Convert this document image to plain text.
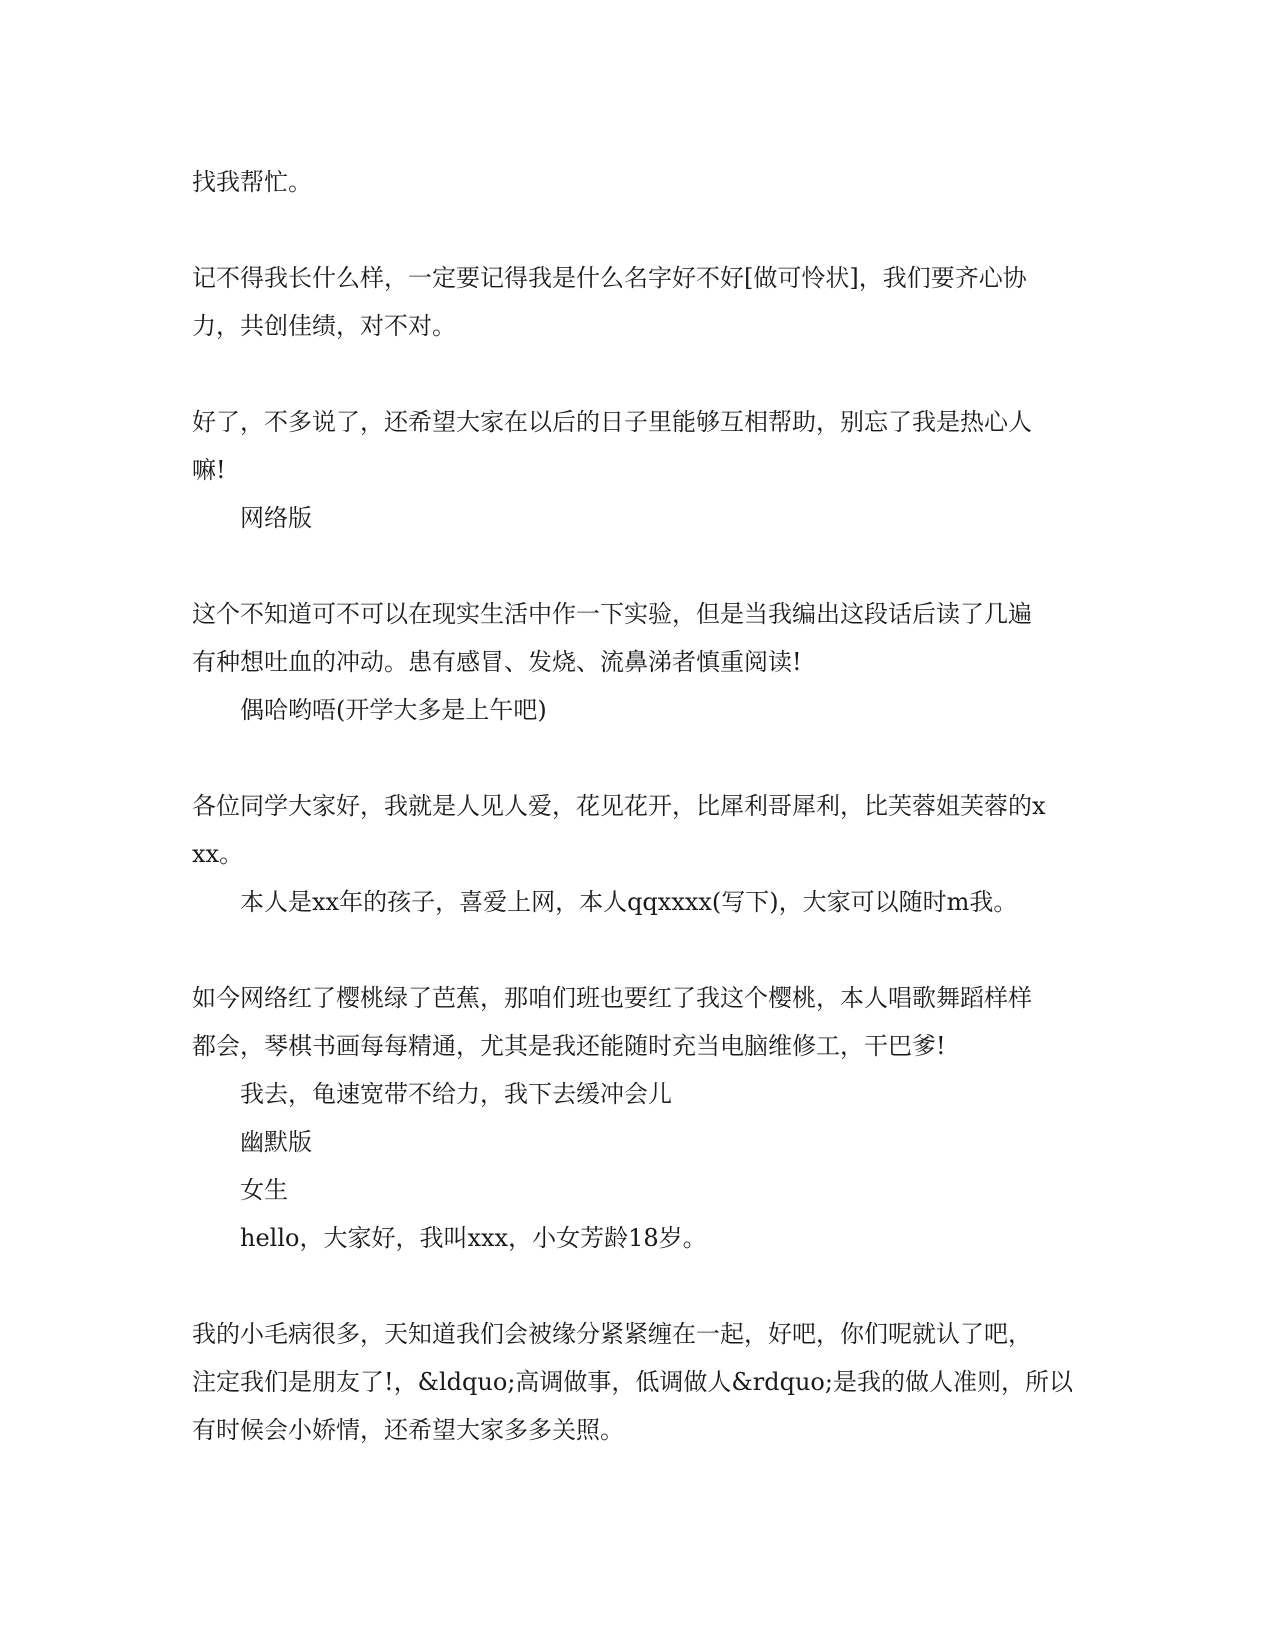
找我帮忙。
记不得我长什么样，一定要记得我是什么名字好不好[做可怜状]，我们要齐心协
力，共创佳绩，对不对。
好了，不多说了，还希望大家在以后的日子里能够互相帮助，别忘了我是热心人
嘛!
网络版
这个不知道可不可以在现实生活中作一下实验，但是当我编出这段话后读了几遍
有种想吐血的冲动。患有感冒、发烧、流鼻涕者慎重阅读!
偶哈哟唔(开学大多是上午吧)
各位同学大家好，我就是人见人爱，花见花开，比犀利哥犀利，比芙蓉姐芙蓉的x
xx。
本人是xx年的孩子，喜爱上网，本人qqxxxx(写下)，大家可以随时m我。
如今网络红了樱桃绿了芭蕉，那咱们班也要红了我这个樱桃，本人唱歌舞蹈样样
都会，琴棋书画每每精通，尤其是我还能随时充当电脑维修工，干巴爹!
我去，龟速宽带不给力，我下去缓冲会儿
幽默版
女生
hello，大家好，我叫xxx，小女芳龄18岁。
我的小毛病很多，天知道我们会被缘分紧紧缠在一起，好吧，你们呢就认了吧，
注定我们是朋友了!，&ldquo;高调做事，低调做人&rdquo;是我的做人准则，所以
有时候会小娇情，还希望大家多多关照。
